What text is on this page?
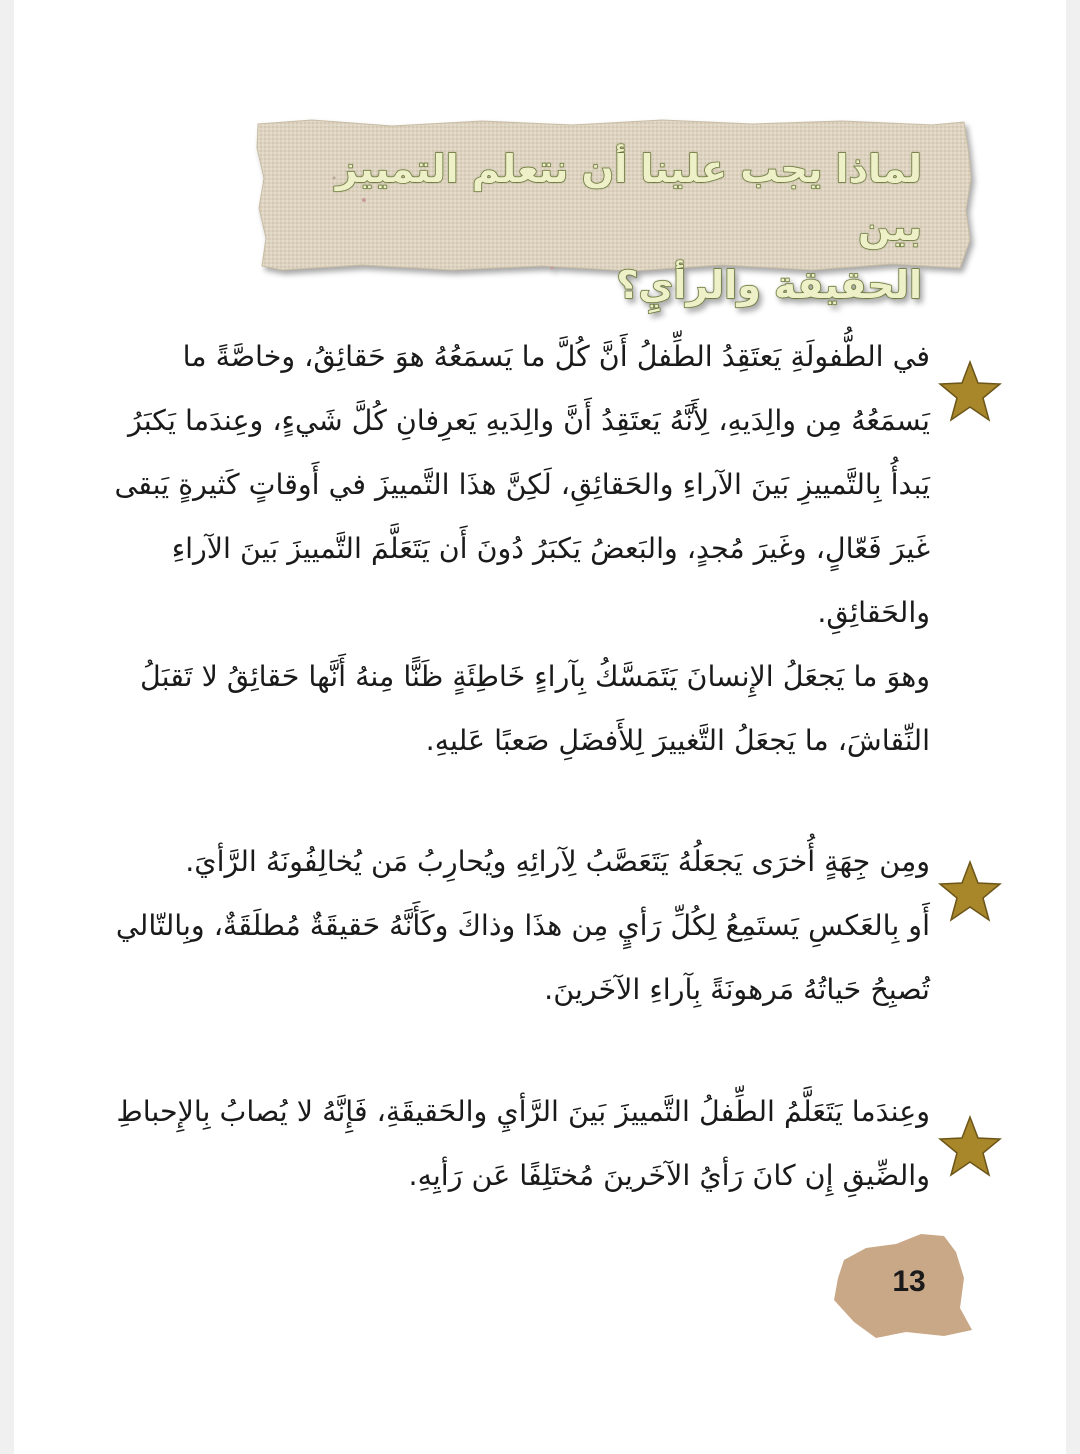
لماذا يجب علينا أن نتعلم التمييز بين
الحقيقة والرأيِ؟

في الطُّفولَةِ يَعتَقِدُ الطِّفلُ أَنَّ كُلَّ ما يَسمَعُهُ هوَ حَقائِقُ، وخاصَّةً ما

يَسمَعُهُ مِن والِدَيهِ، لِأَنَّهُ يَعتَقِدُ أَنَّ والِدَيهِ يَعرِفانِ كُلَّ شَيءٍ، وعِندَما يَكبَرُ

يَبدأُ بِالتَّمييزِ بَينَ الآراءِ والحَقائِقِ، لَكِنَّ هذَا التَّمييزَ في أَوقاتٍ كَثيرةٍ يَبقى

غَيرَ فَعّالٍ، وغَيرَ مُجدٍ، والبَعضُ يَكبَرُ دُونَ أَن يَتَعَلَّمَ التَّمييزَ بَينَ الآراءِ

والحَقائِقِ.

وهوَ ما يَجعَلُ الإِنسانَ يَتَمَسَّكُ بِآراءٍ خَاطِئَةٍ ظَنًّا مِنهُ أَنَّها حَقائِقُ لا تَقبَلُ

النِّقاشَ، ما يَجعَلُ التَّغييرَ لِلأَفضَلِ صَعبًا عَليهِ.

ومِن جِهَةٍ أُخرَى يَجعَلُهُ يَتَعَصَّبُ لِآرائِهِ ويُحارِبُ مَن يُخالِفُونَهُ الرَّأيَ.

أَو بِالعَكسِ يَستَمِعُ لِكُلِّ رَأيٍ مِن هذَا وذاكَ وكَأَنَّهُ حَقيقَةٌ مُطلَقَةٌ، وبِالتّالي

تُصبِحُ حَياتُهُ مَرهونَةً بِآراءِ الآخَرينَ.

وعِندَما يَتَعَلَّمُ الطِّفلُ التَّمييزَ بَينَ الرَّأيِ والحَقيقَةِ، فَإِنَّهُ لا يُصابُ بِالإِحباطِ

والضِّيقِ إِن كانَ رَأيُ الآخَرينَ مُختَلِفًا عَن رَأيِهِ.

13
